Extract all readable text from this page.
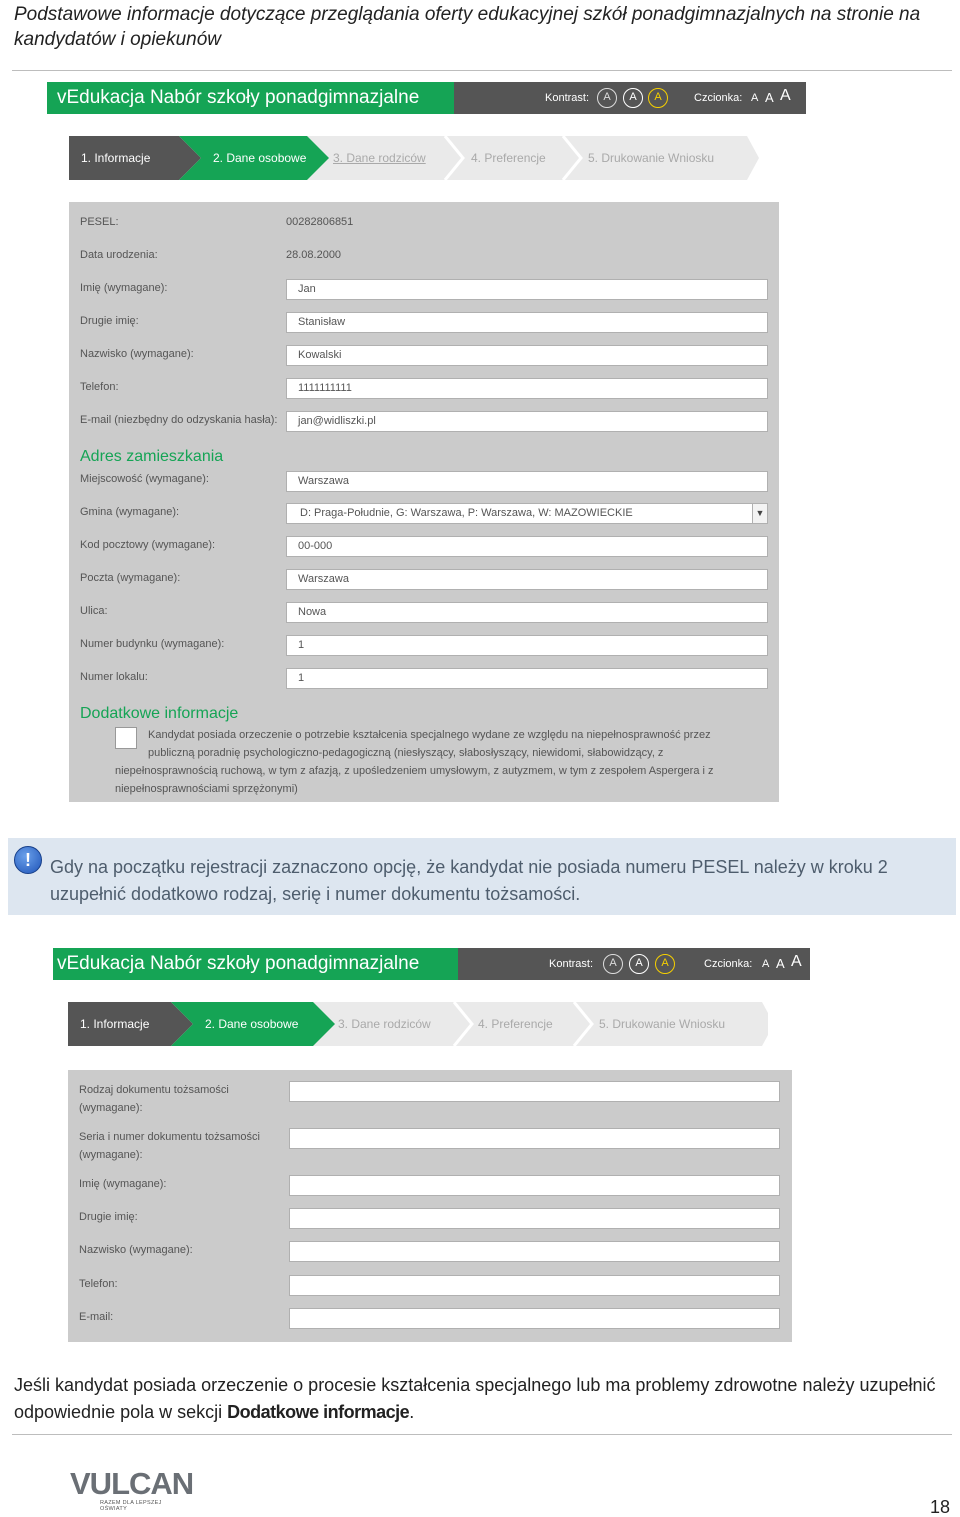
Podstawowe informacje dotyczące przeglądania oferty edukacyjnej szkół ponadgimnazjalnych na stronie na kandydatów i opiekunów
vEdukacja Nabór szkoły ponadgimnazjalne	Kontrast:	A	A	A	Czcionka: A A A
1. Informacje	2. Dane osobowe	3. Dane rodziców	4. Preferencje	5. Drukowanie Wniosku
PESEL:	00282806851
Data urodzenia:	28.08.2000
Imię (wymagane):	Jan
Drugie imię:	Stanisław
Nazwisko (wymagane):	Kowalski
Telefon:	1111111111
E-mail (niezbędny do odzyskania hasła):	jan@widliszki.pl
Adres zamieszkania
Miejscowość (wymagane):	Warszawa
Gmina (wymagane):	D: Praga-Południe, G: Warszawa, P: Warszawa, W: MAZOWIECKIE	▼
Kod pocztowy (wymagane):	00-000
Poczta (wymagane):	Warszawa
Ulica:	Nowa
Numer budynku (wymagane):	1
Numer lokalu:	1
Dodatkowe informacje
Kandydat posiada orzeczenie o potrzebie kształcenia specjalnego wydane ze względu na niepełnosprawność przez
publiczną poradnię psychologiczno-pedagogiczną (niesłyszący, słabosłyszący, niewidomi, słabowidzący, z
niepełnosprawnością ruchową, w tym z afazją, z upośledzeniem umysłowym, z autyzmem, w tym z zespołem Aspergera i z
niepełnosprawnościami sprzężonymi)
!	Gdy na początku rejestracji zaznaczono opcję, że kandydat nie posiada numeru PESEL należy w kroku 2 uzupełnić dodatkowo rodzaj, serię i numer dokumentu tożsamości.
vEdukacja Nabór szkoły ponadgimnazjalne	Kontrast:	A	A	A	Czcionka: A A A
1. Informacje	2. Dane osobowe	3. Dane rodziców	4. Preferencje	5. Drukowanie Wniosku
Rodzaj dokumentu tożsamości
(wymagane):
Seria i numer dokumentu tożsamości
(wymagane):
Imię (wymagane):
Drugie imię:
Nazwisko (wymagane):
Telefon:
E-mail:
Jeśli kandydat posiada orzeczenie o procesie kształcenia specjalnego lub ma problemy zdrowotne należy uzupełnić odpowiednie pola w sekcji Dodatkowe informacje.
VULCAN
RAZEM DLA LEPSZEJ OŚWIATY	18
